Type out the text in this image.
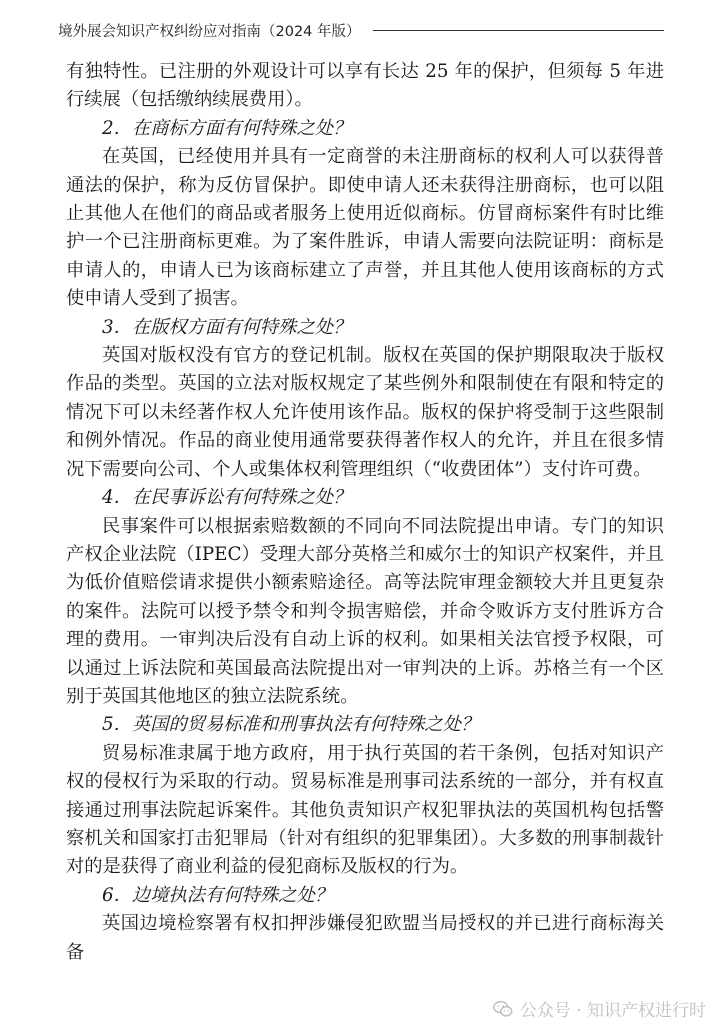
境外展会知识产权纠纷应对指南（2024 年版）

有独特性。已注册的外观设计可以享有长达 25 年的保护，但须每 5 年进行续展（包括缴纳续展费用）。

2．在商标方面有何特殊之处？

在英国，已经使用并具有一定商誉的未注册商标的权利人可以获得普通法的保护，称为反仿冒保护。即使申请人还未获得注册商标，也可以阻止其他人在他们的商品或者服务上使用近似商标。仿冒商标案件有时比维护一个已注册商标更难。为了案件胜诉，申请人需要向法院证明：商标是申请人的，申请人已为该商标建立了声誉，并且其他人使用该商标的方式使申请人受到了损害。

3．在版权方面有何特殊之处？

英国对版权没有官方的登记机制。版权在英国的保护期限取决于版权作品的类型。英国的立法对版权规定了某些例外和限制使在有限和特定的情况下可以未经著作权人允许使用该作品。版权的保护将受制于这些限制和例外情况。作品的商业使用通常要获得著作权人的允许，并且在很多情况下需要向公司、个人或集体权利管理组织（“收费团体”）支付许可费。

4．在民事诉讼有何特殊之处？

民事案件可以根据索赔数额的不同向不同法院提出申请。专门的知识产权企业法院（IPEC）受理大部分英格兰和威尔士的知识产权案件，并且为低价值赔偿请求提供小额索赔途径。高等法院审理金额较大并且更复杂的案件。法院可以授予禁令和判令损害赔偿，并命令败诉方支付胜诉方合理的费用。一审判决后没有自动上诉的权利。如果相关法官授予权限，可以通过上诉法院和英国最高法院提出对一审判决的上诉。苏格兰有一个区别于英国其他地区的独立法院系统。

5．英国的贸易标准和刑事执法有何特殊之处？

贸易标准隶属于地方政府，用于执行英国的若干条例，包括对知识产权的侵权行为采取的行动。贸易标准是刑事司法系统的一部分，并有权直接通过刑事法院起诉案件。其他负责知识产权犯罪执法的英国机构包括警察机关和国家打击犯罪局（针对有组织的犯罪集团）。大多数的刑事制裁针对的是获得了商业利益的侵犯商标及版权的行为。

6．边境执法有何特殊之处？

英国边境检察署有权扣押涉嫌侵犯欧盟当局授权的并已进行商标海关备

公众号 · 知识产权进行时
